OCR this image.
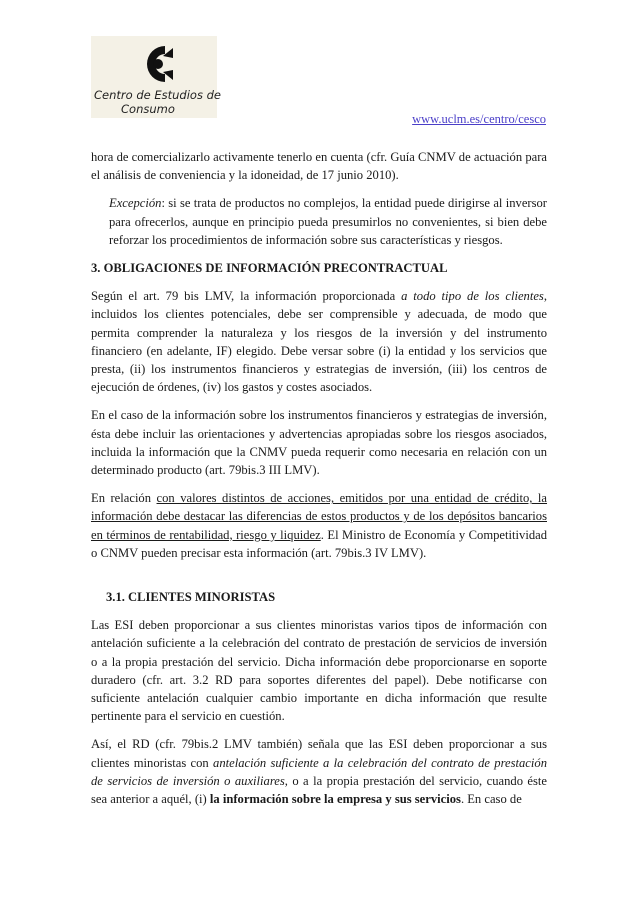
Centro de Estudios de
Consumo
www.uclm.es/centro/cesco

hora de comercializarlo activamente tenerlo en cuenta (cfr. Guía CNMV de actuación para el análisis de conveniencia y la idoneidad, de 17 junio 2010).

Excepción: si se trata de productos no complejos, la entidad puede dirigirse al inversor para ofrecerlos, aunque en principio pueda presumirlos no convenientes, si bien debe reforzar los procedimientos de información sobre sus características y riesgos.

3. OBLIGACIONES DE INFORMACIÓN PRECONTRACTUAL

Según el art. 79 bis LMV, la información proporcionada a todo tipo de los clientes, incluidos los clientes potenciales, debe ser comprensible y adecuada, de modo que permita comprender la naturaleza y los riesgos de la inversión y del instrumento financiero (en adelante, IF) elegido. Debe versar sobre (i) la entidad y los servicios que presta, (ii) los instrumentos financieros y estrategias de inversión, (iii) los centros de ejecución de órdenes, (iv) los gastos y costes asociados.

En el caso de la información sobre los instrumentos financieros y estrategias de inversión, ésta debe incluir las orientaciones y advertencias apropiadas sobre los riesgos asociados, incluida la información que la CNMV pueda requerir como necesaria en relación con un determinado producto (art. 79bis.3 III LMV).

En relación con valores distintos de acciones, emitidos por una entidad de crédito, la información debe destacar las diferencias de estos productos y de los depósitos bancarios en términos de rentabilidad, riesgo y liquidez. El Ministro de Economía y Competitividad o CNMV pueden precisar esta información (art. 79bis.3 IV LMV).

3.1. CLIENTES MINORISTAS

Las ESI deben proporcionar a sus clientes minoristas varios tipos de información con antelación suficiente a la celebración del contrato de prestación de servicios de inversión o a la propia prestación del servicio. Dicha información debe proporcionarse en soporte duradero (cfr. art. 3.2 RD para soportes diferentes del papel). Debe notificarse con suficiente antelación cualquier cambio importante en dicha información que resulte pertinente para el servicio en cuestión.

Así, el RD (cfr. 79bis.2 LMV también) señala que las ESI deben proporcionar a sus clientes minoristas con antelación suficiente a la celebración del contrato de prestación de servicios de inversión o auxiliares, o a la propia prestación del servicio, cuando éste sea anterior a aquél, (i) la información sobre la empresa y sus servicios. En caso de
